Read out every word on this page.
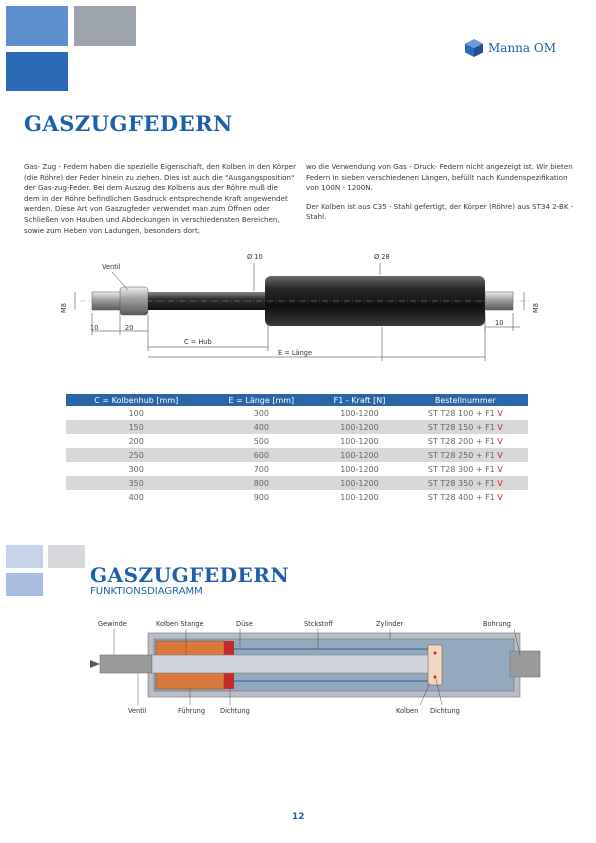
Manna OM
GASZUGFEDERN

Gas- Zug - Federn haben die spezielle Eigenschaft, den Kolben in den Körper (die Röhre) der Feder hinein zu ziehen. Dies ist auch die "Ausgangsposition" der Gas-zug-Feder. Bei dem Auszug des Kolbens aus der Röhre muß die dem in der Röhre befindlichen Gasdruck entsprechende Kraft angewendet werden. Diese Art von Gaszugfeder verwendet man zum Öffnen oder Schließen von Hauben und Abdeckungen in verschiedensten Bereichen, sowie zum Heben von Ladungen, besonders dort,

wo die Verwendung von Gas - Druck- Federn nicht angezeigt ist. Wir bieten Federn in sieben verschiedenen Längen, befüllt nach Kundenspezifikation von 100N - 1200N.

Der Kolben ist aus C35 - Stahl gefertigt, der Körper (Röhre) aus ST34 2-BK - Stahl.

Ventil
Ø 10	Ø 28
M8	M8
10	20
10
C = Hub
E = Länge
C = Kolbenhub [mm]	E = Länge [mm]	F1 - Kraft [N]	Bestellnummer
100	300	100-1200	ST T28 100 + F1 V
150	400	100-1200	ST T28 150 + F1 V
200	500	100-1200	ST T28 200 + F1 V
250	600	100-1200	ST T28 250 + F1 V
300	700	100-1200	ST T28 300 + F1 V
350	800	100-1200	ST T28 350 + F1 V
400	900	100-1200	ST T28 400 + F1 V
GASZUGFEDERN
FUNKTIONSDIAGRAMM
Gewinde	Kolben Stange	Düse	Stckstoff	Zylinder	Bohrung
Ventil	Führung Dichtung	Kolben Dichtung
12
